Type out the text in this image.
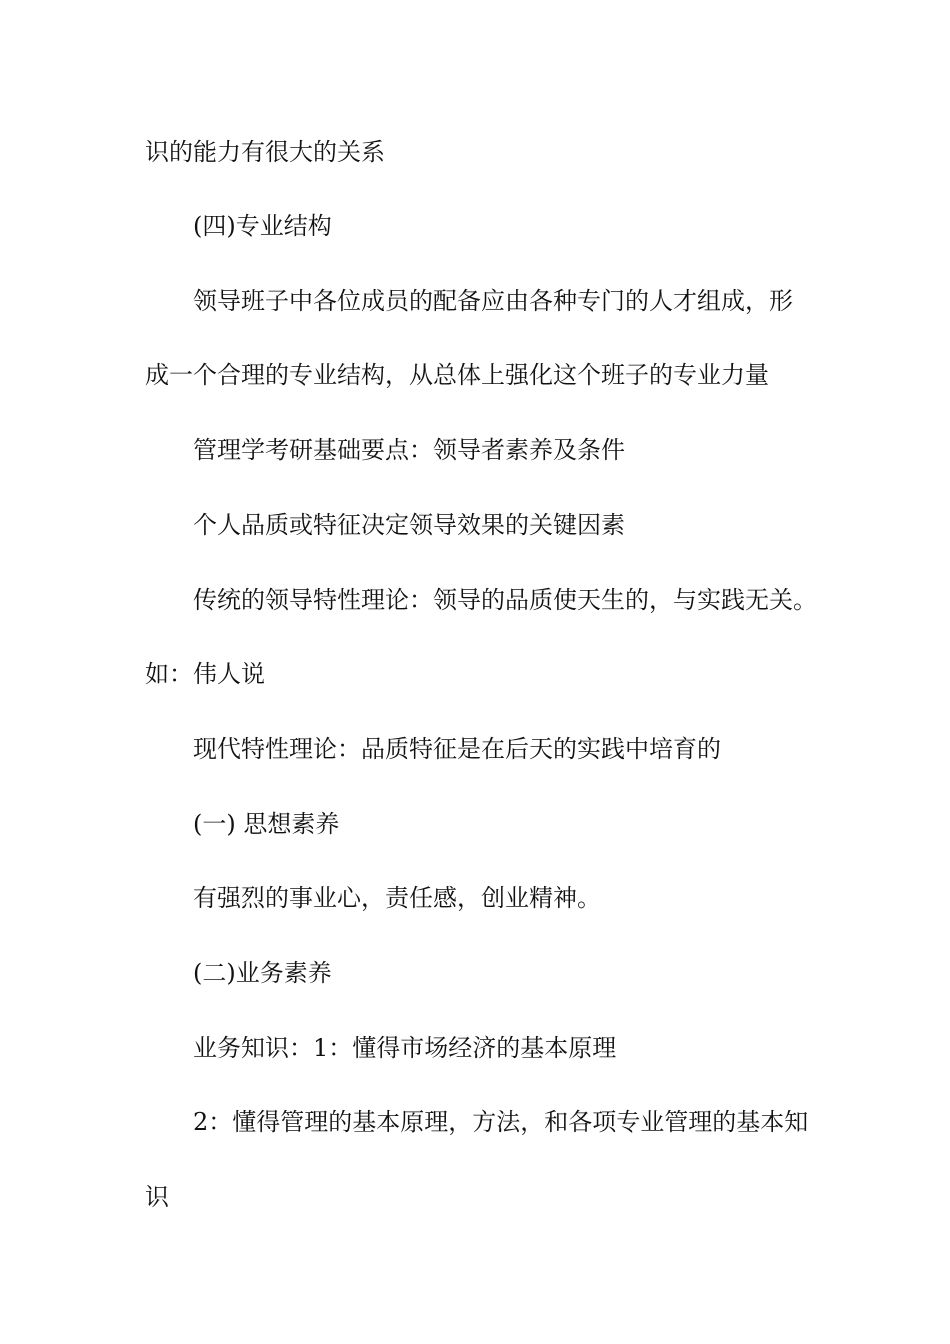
识的能力有很大的关系
(四)专业结构
领导班子中各位成员的配备应由各种专门的人才组成，形
成一个合理的专业结构，从总体上强化这个班子的专业力量
管理学考研基础要点：领导者素养及条件
个人品质或特征决定领导效果的关键因素
传统的领导特性理论：领导的品质使天生的，与实践无关。
如：伟人说
现代特性理论：品质特征是在后天的实践中培育的
(一) 思想素养
有强烈的事业心，责任感，创业精神。
(二)业务素养
业务知识：1：懂得市场经济的基本原理
2：懂得管理的基本原理，方法，和各项专业管理的基本知
识
